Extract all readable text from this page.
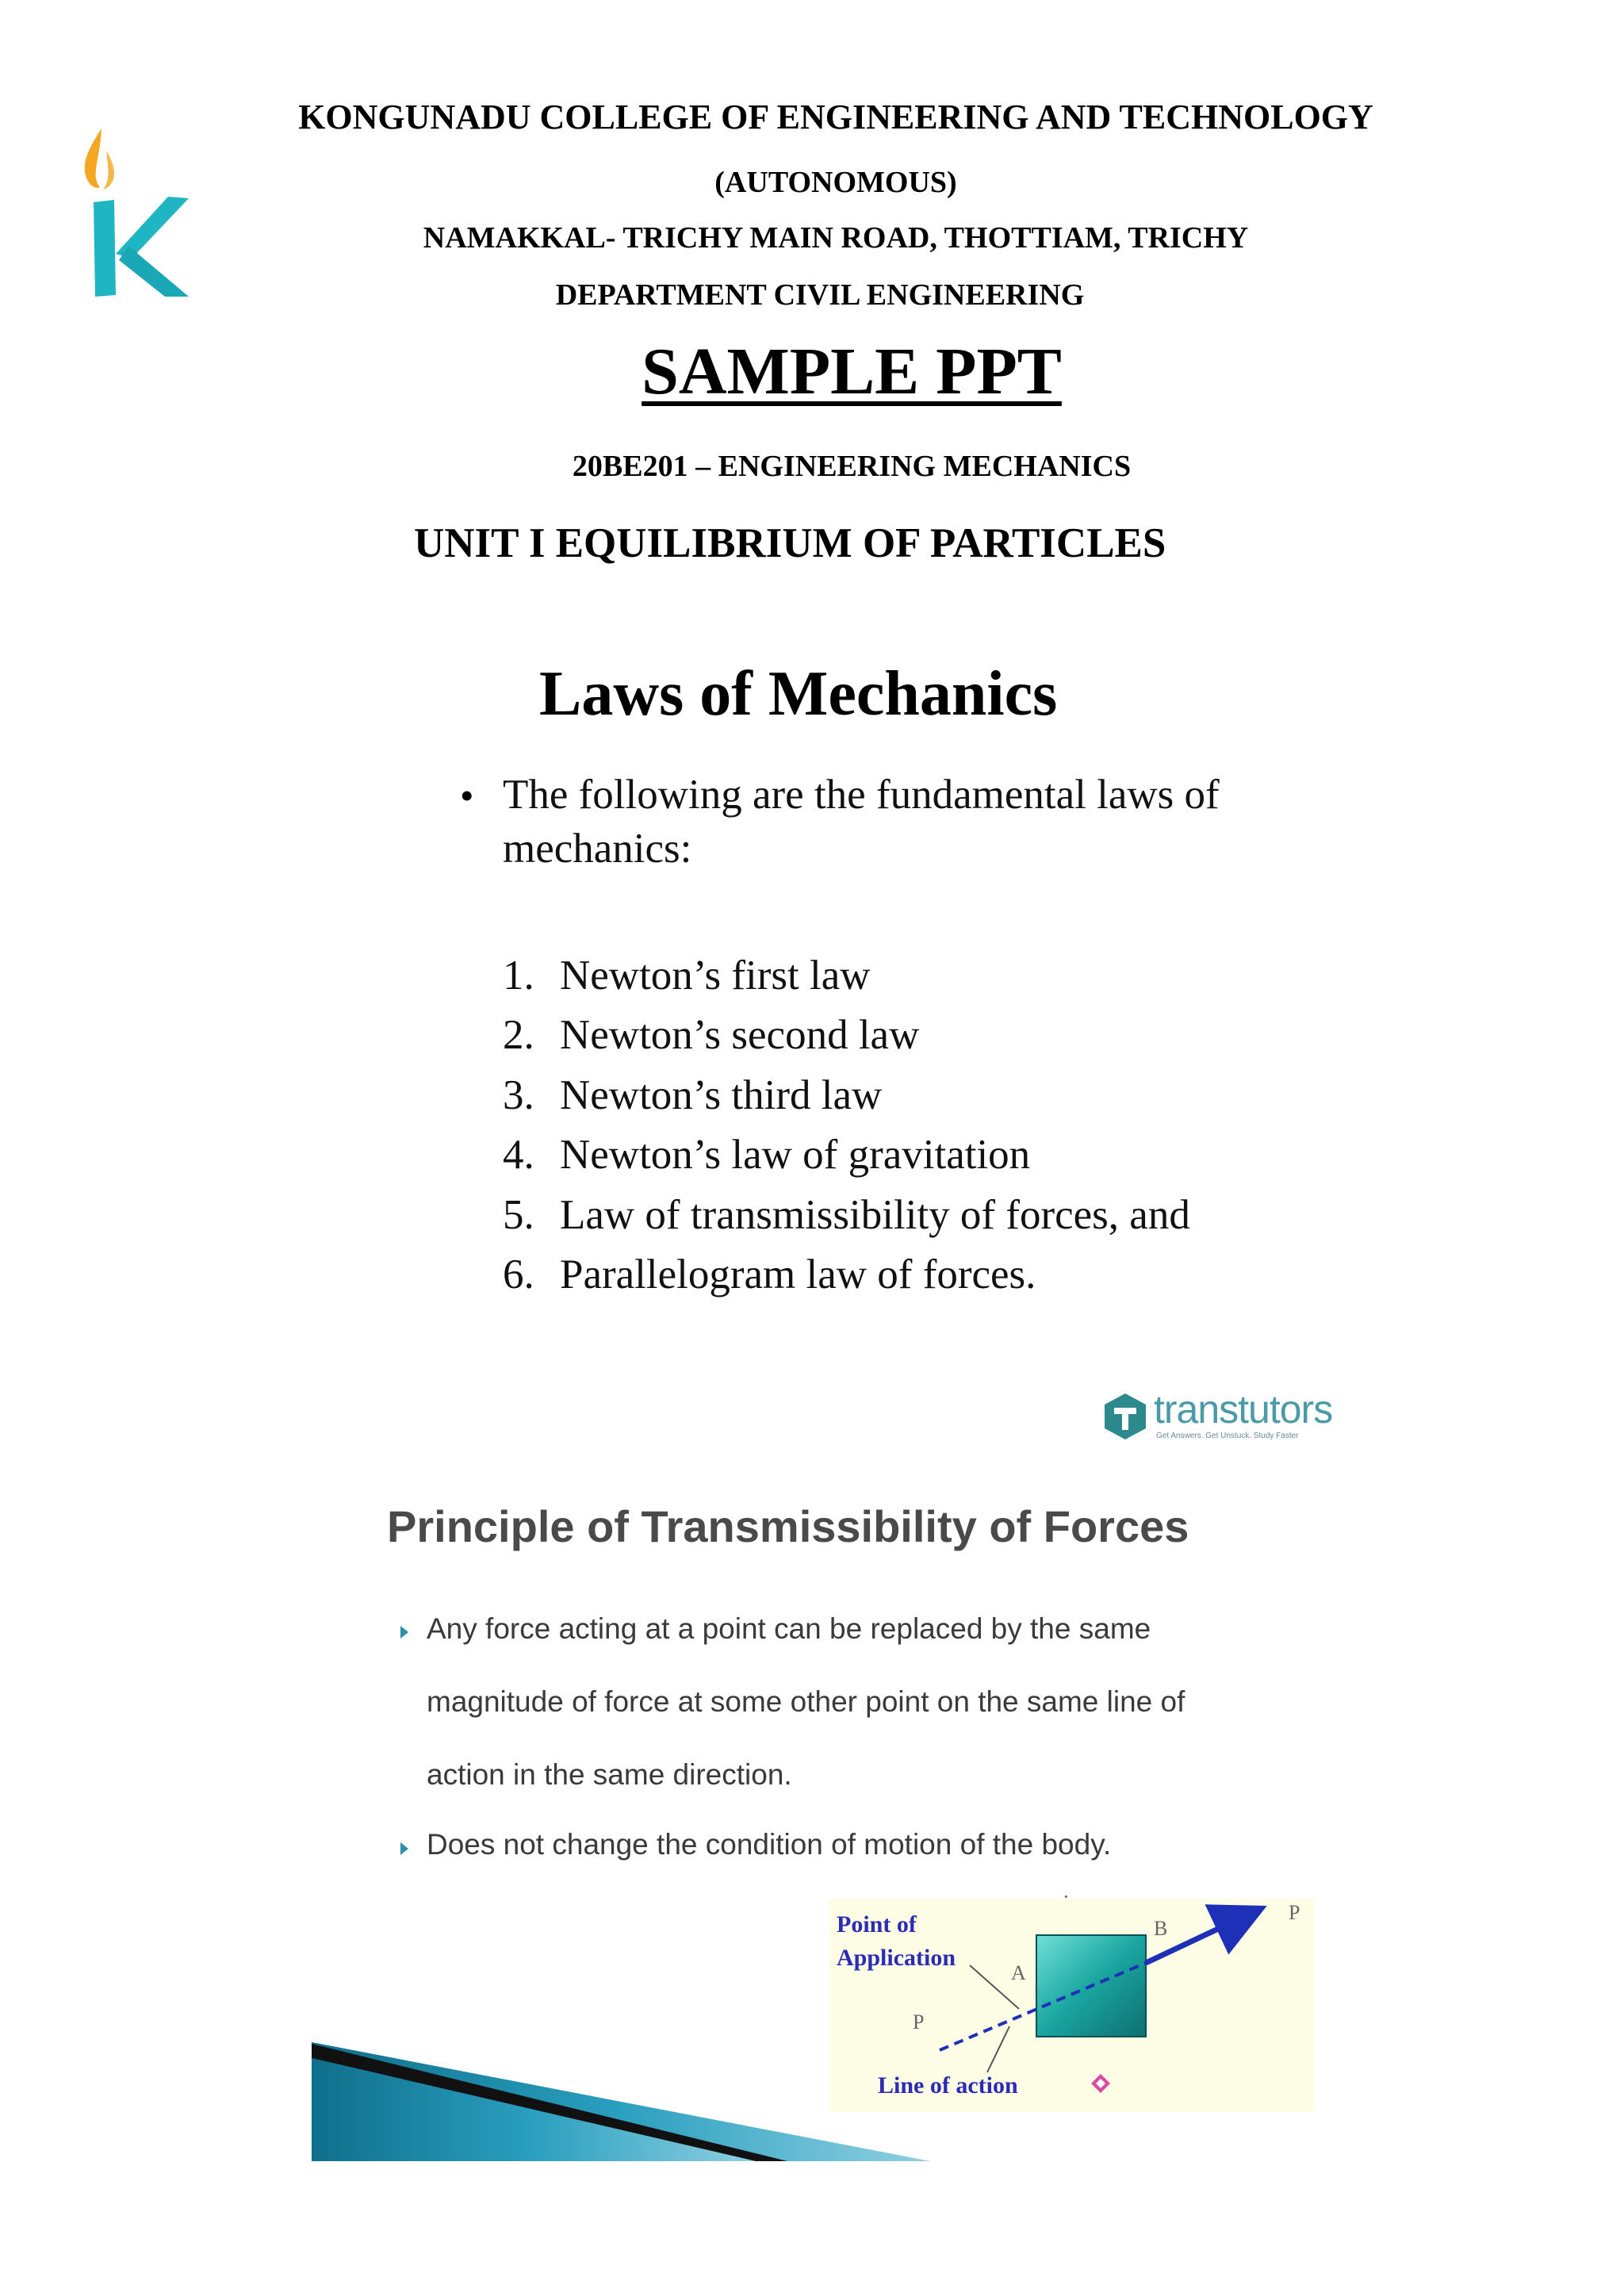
KONGUNADU COLLEGE OF ENGINEERING AND TECHNOLOGY
(AUTONOMOUS)
NAMAKKAL- TRICHY MAIN ROAD, THOTTIAM, TRICHY
DEPARTMENT CIVIL ENGINEERING
SAMPLE PPT
20BE201 – ENGINEERING MECHANICS
UNIT I EQUILIBRIUM OF PARTICLES
Laws of Mechanics
• The following are the fundamental laws of mechanics:
1. Newton’s first law
2. Newton’s second law
3. Newton’s third law
4. Newton’s law of gravitation
5. Law of transmissibility of forces, and
6. Parallelogram law of forces.
transtutors
Get Answers. Get Unstuck. Study Faster
Principle of Transmissibility of Forces
Any force acting at a point can be replaced by the same
magnitude of force at some other point on the same line of
action in the same direction.
Does not change the condition of motion of the body.
Point of
Application
Line of action
A
B
P
P
·
